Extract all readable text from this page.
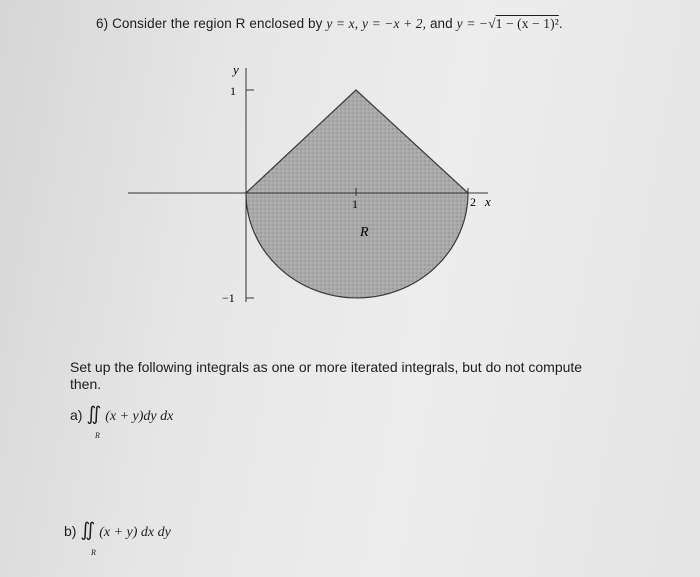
6) Consider the region R enclosed by y = x, y = −x + 2, and y = −√1 − (x − 1)².
y
x
1
−1
1	2
R
Set up the following integrals as one or more iterated integrals, but do not compute then.
a) ∬ (x + y)dy dx
R
b) ∬ (x + y) dx dy
R
